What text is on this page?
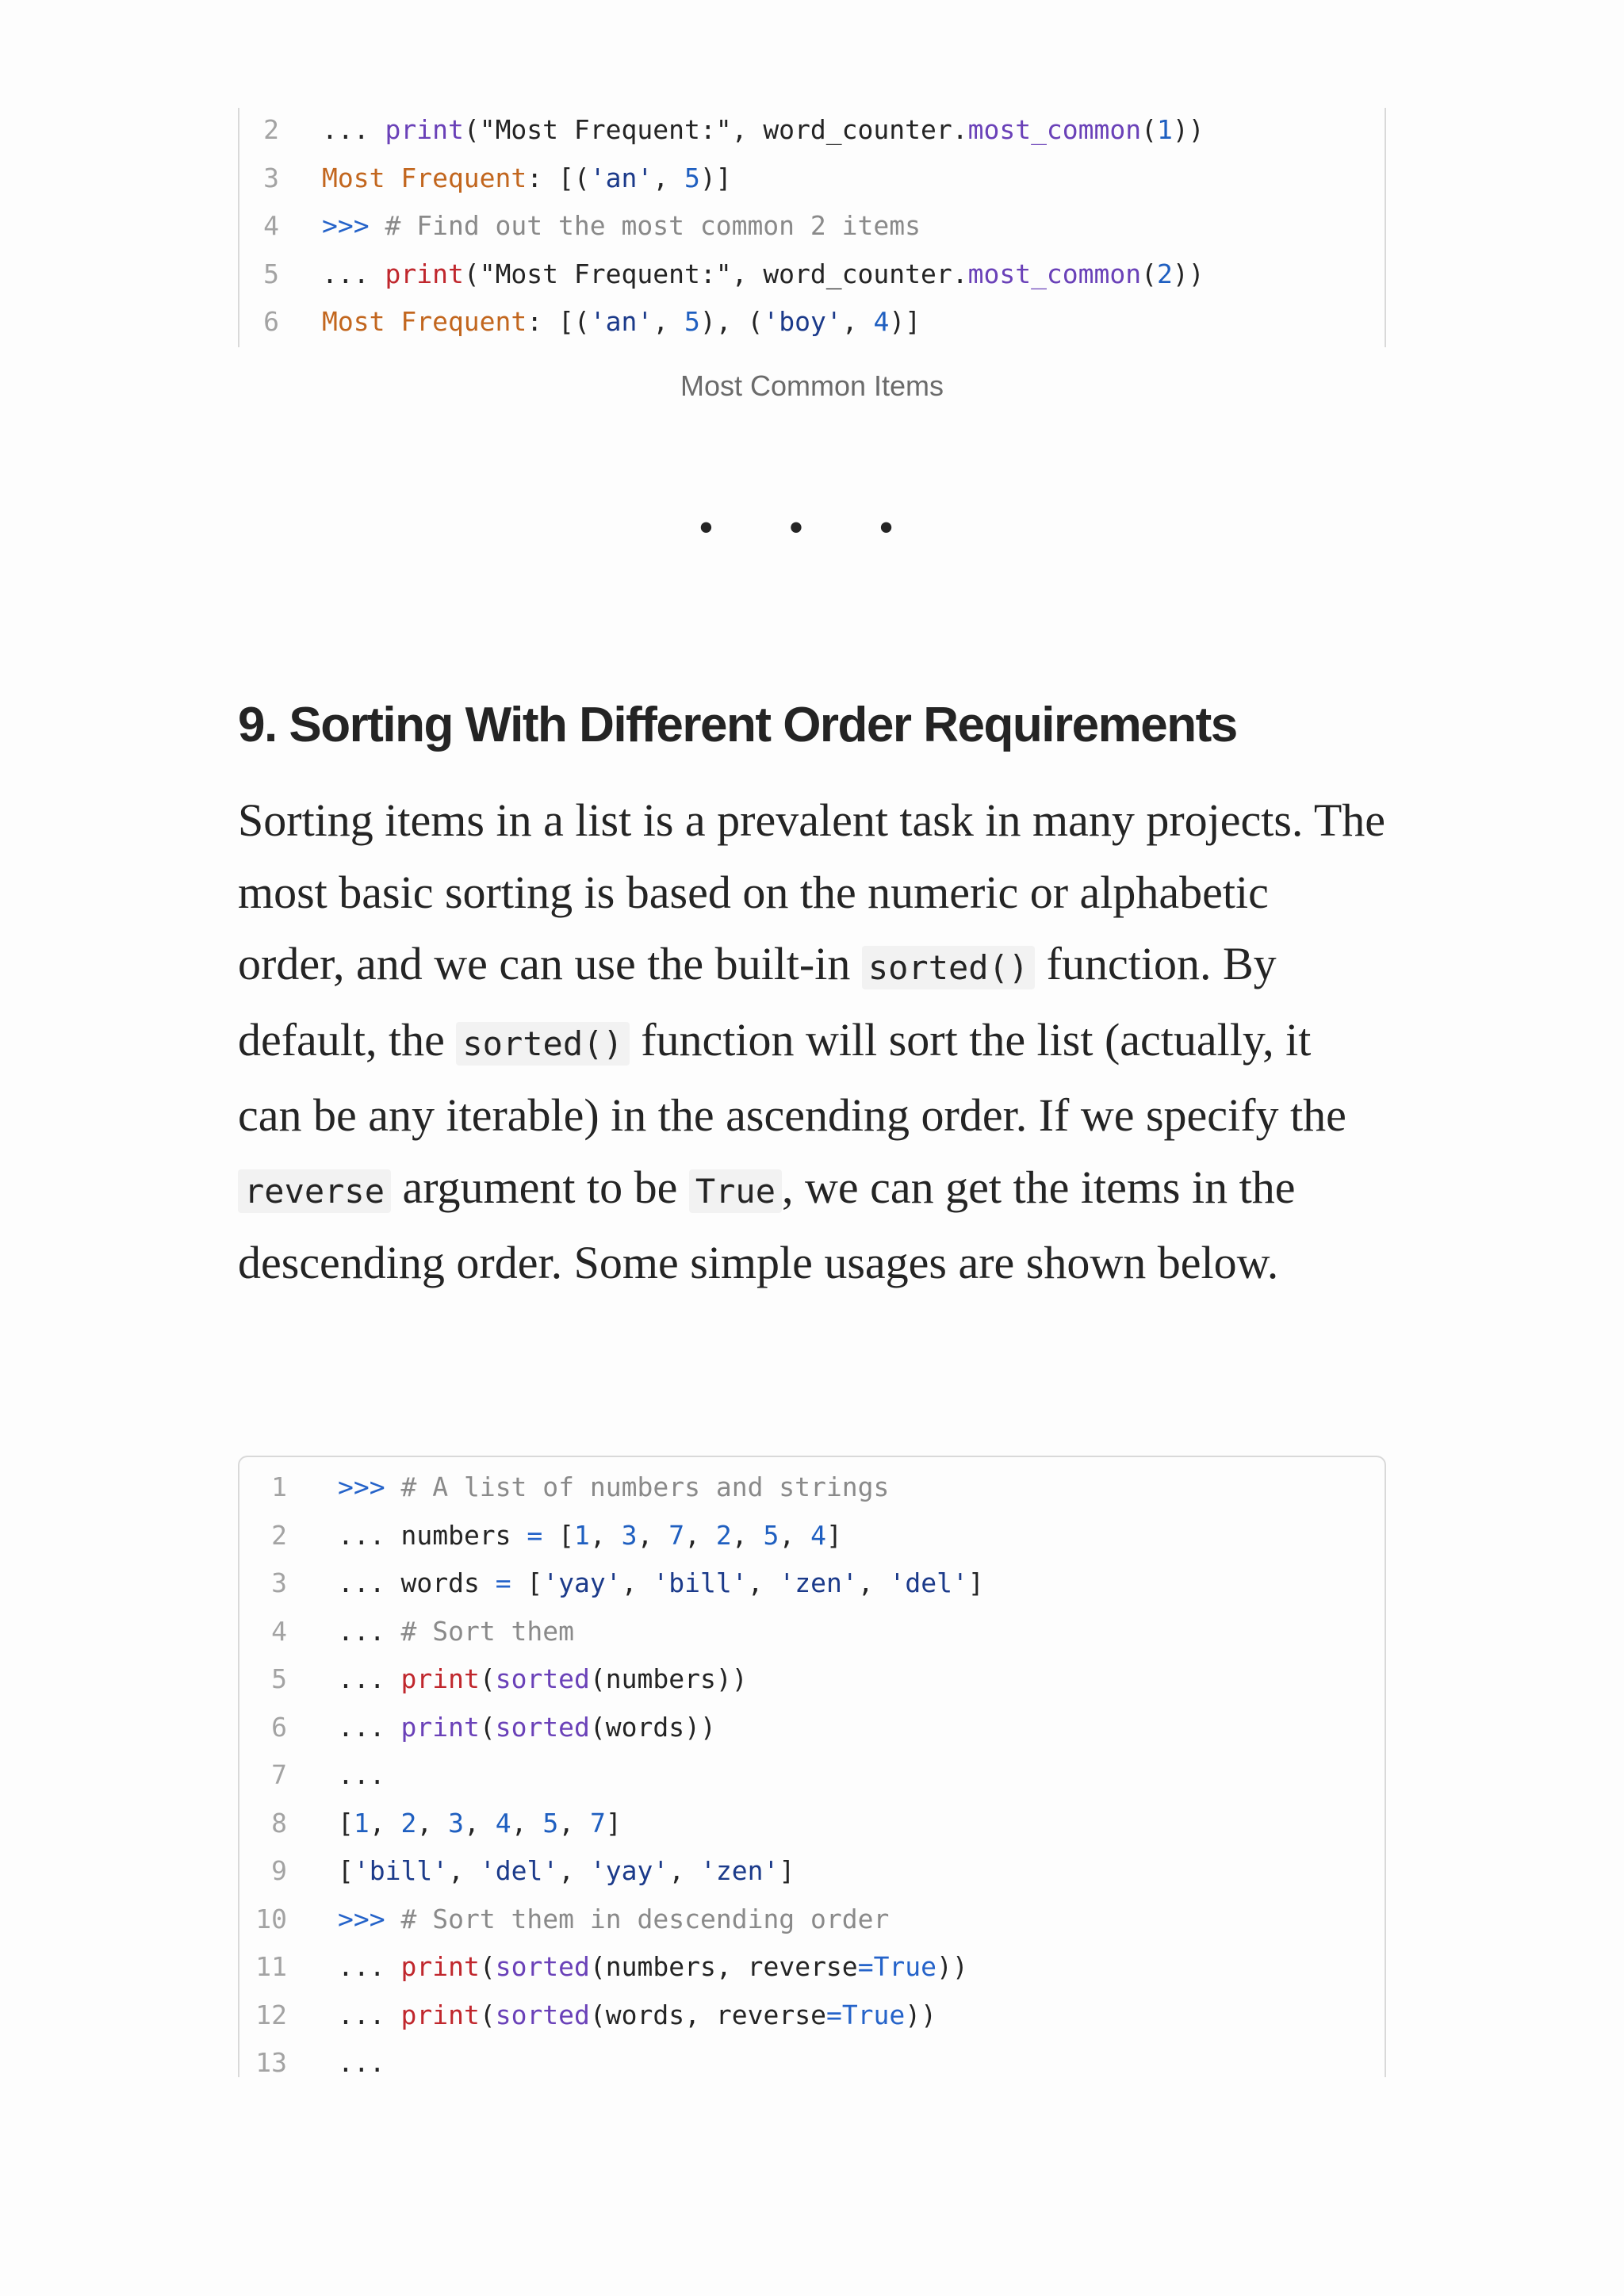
2 ... print("Most Frequent:", word_counter.most_common(1))
3 Most Frequent: [('an', 5)]
4 >>> # Find out the most common 2 items
5 ... print("Most Frequent:", word_counter.most_common(2))
6 Most Frequent: [('an', 5), ('boy', 4)]
Most Common Items
• • •
9. Sorting With Different Order Requirements

Sorting items in a list is a prevalent task in many projects. The most basic sorting is based on the numeric or alphabetic order, and we can use the built-in sorted() function. By default, the sorted() function will sort the list (actually, it can be any iterable) in the ascending order. If we specify the reverse argument to be True , we can get the items in the descending order. Some simple usages are shown below.

1 >>> # A list of numbers and strings
2 ... numbers = [1, 3, 7, 2, 5, 4]
3 ... words = ['yay', 'bill', 'zen', 'del']
4 ... # Sort them
5 ... print(sorted(numbers))
6 ... print(sorted(words))
7 ...
8 [1, 2, 3, 4, 5, 7]
9 ['bill', 'del', 'yay', 'zen']
10 >>> # Sort them in descending order
11 ... print(sorted(numbers, reverse=True))
12 ... print(sorted(words, reverse=True))
13 ...
